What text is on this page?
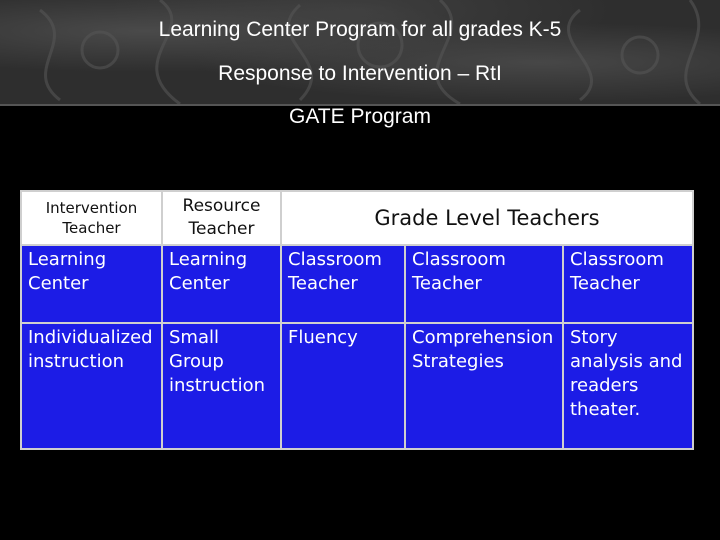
Learning Center Program for all grades K-5
Response to Intervention – RtI
GATE Program
Intervention Teacher	Resource Teacher	Grade Level Teachers		
Learning Center	Learning Center	Classroom Teacher	Classroom Teacher	Classroom Teacher
Individualized instruction	Small Group instruction	Fluency	Comprehension Strategies	Story analysis and readers theater.
